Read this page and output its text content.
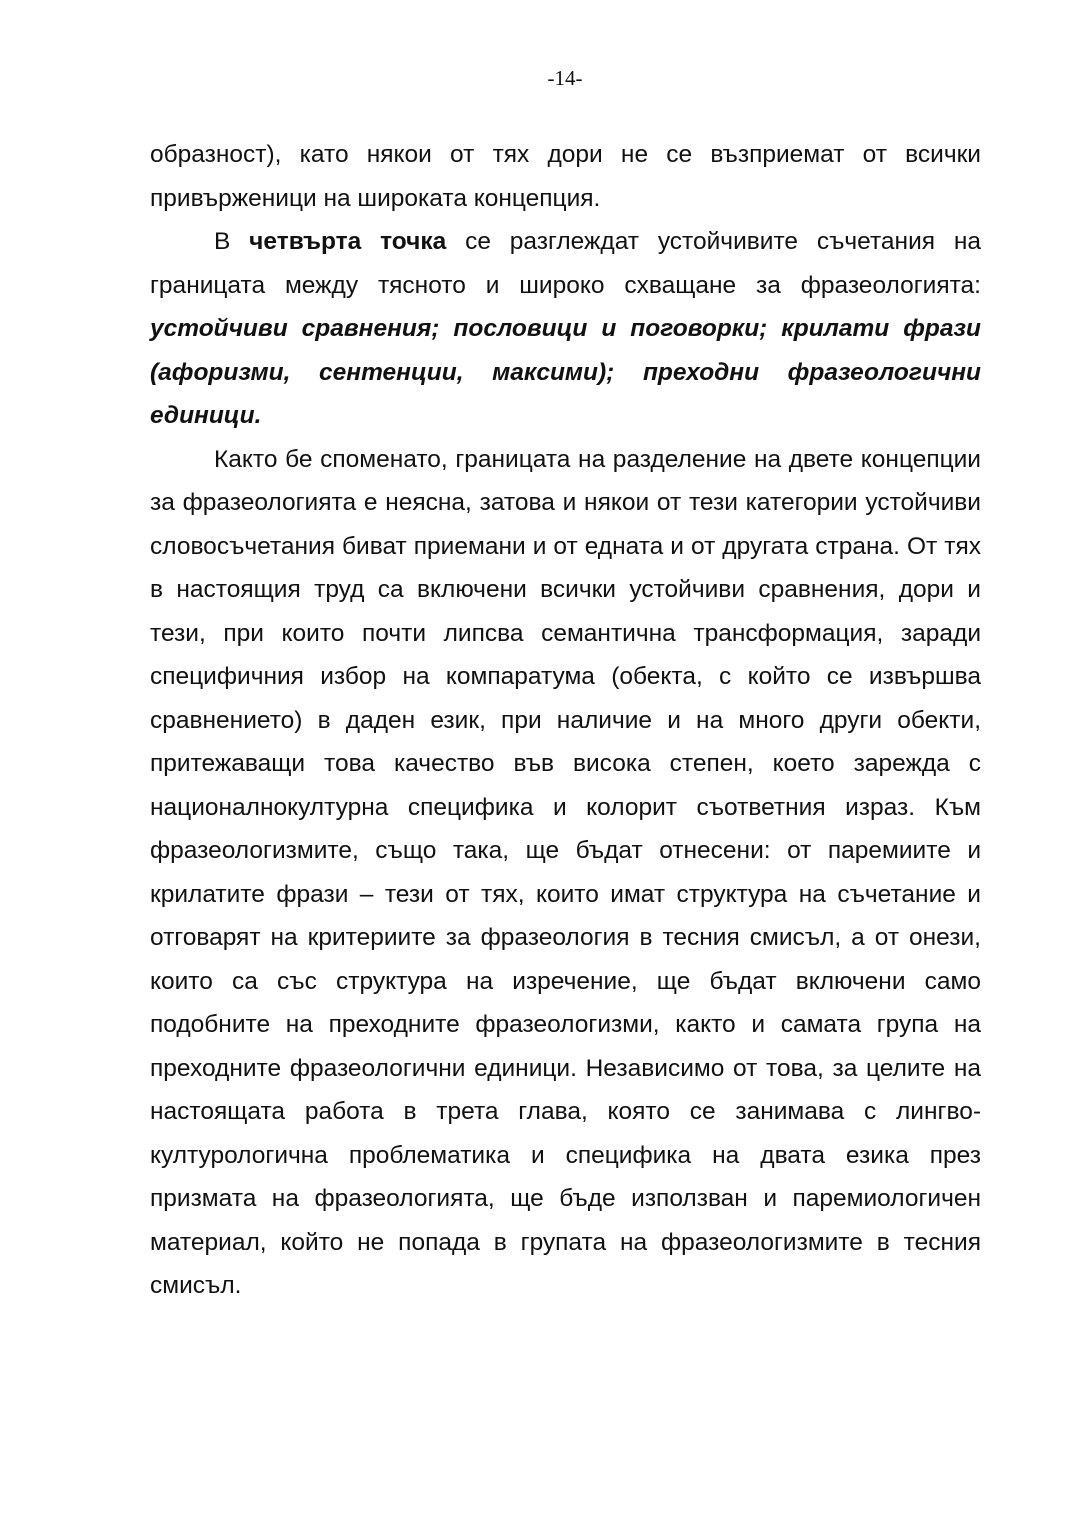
-14-

образност), като някои от тях дори не се възприемат от всички привърженици на широката концепция.

В четвърта точка се разглеждат устойчивите съчетания на границата между тясното и широко схващане за фразеологията: устойчиви сравнения; пословици и поговорки; крилати фрази (афоризми, сентенции, максими); преходни фразеологични единици.

Както бе споменато, границата на разделение на двете концепции за фразеологията е неясна, затова и някои от тези категории устойчиви словосъчетания биват приемани и от едната и от другата страна. От тях в настоящия труд са включени всички устойчиви сравнения, дори и тези, при които почти липсва семантична трансформация, заради специфичния избор на компаратума (обекта, с който се извършва сравнението) в даден език, при наличие и на много други обекти, притежаващи това качество във висока степен, което зарежда с националнокултурна специфика и колорит съответния израз. Към фразеологизмите, също така, ще бъдат отнесени: от паремиите и крилатите фрази – тези от тях, които имат структура на съчетание и отговарят на критериите за фразеология в тесния смисъл, а от онези, които са със структура на изречение, ще бъдат включени само подобните на преходните фразеологизми, както и самата група на преходните фразеологични единици. Независимо от това, за целите на настоящата работа в трета глава, която се занимава с лингво-културологична проблематика и специфика на двата езика през призмата на фразеологията, ще бъде използван и паремиологичен материал, който не попада в групата на фразеологизмите в тесния смисъл.
